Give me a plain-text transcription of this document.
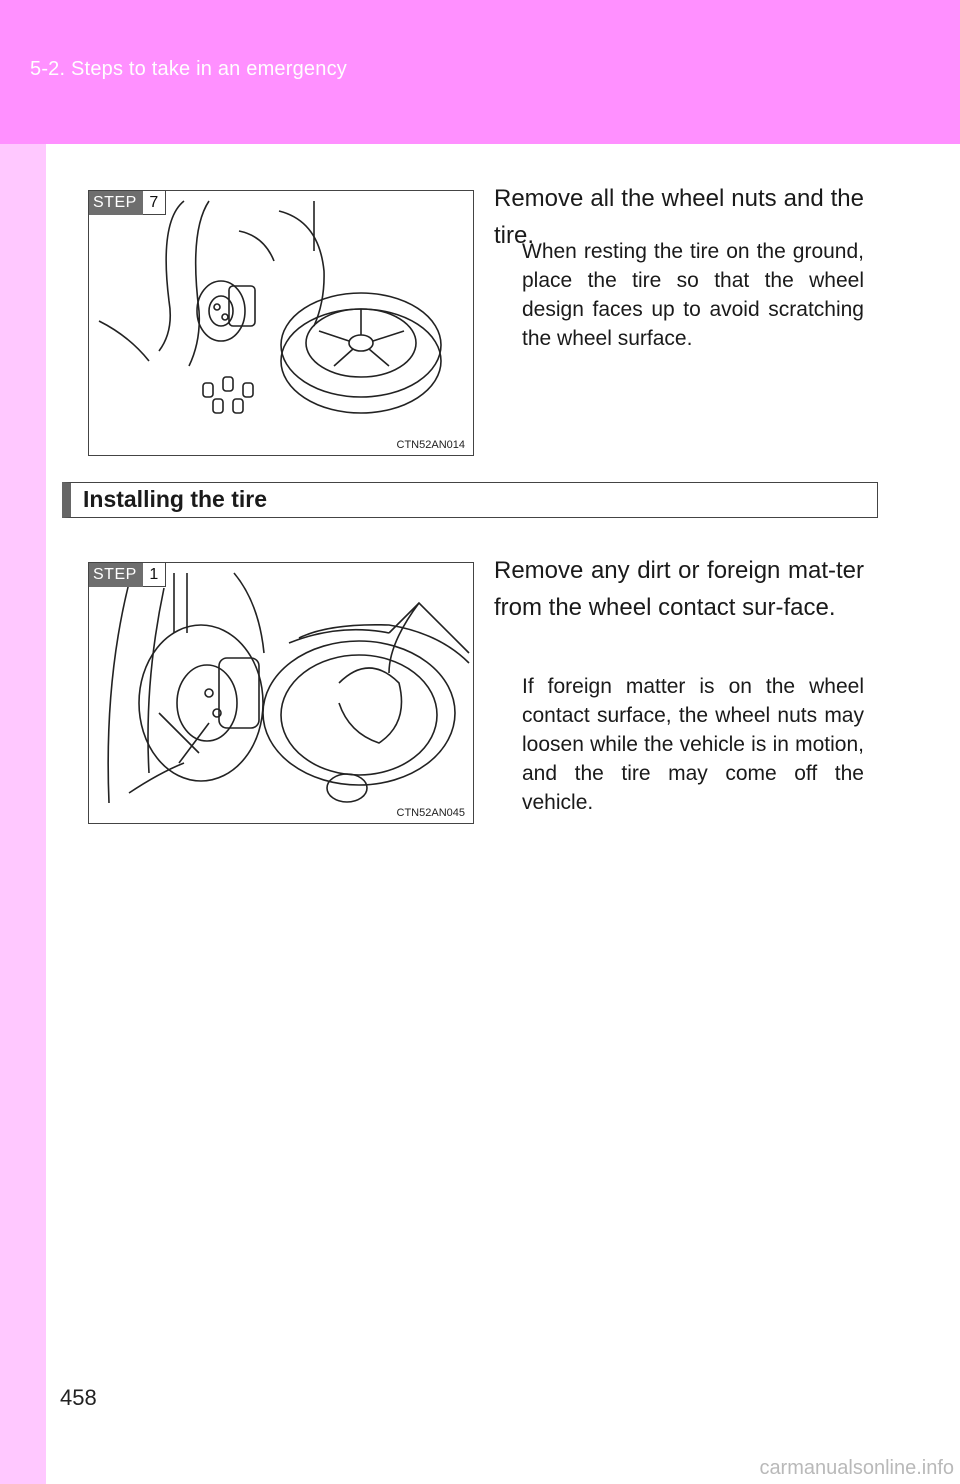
5-2. Steps to take in an emergency
STEP 7
CTN52AN014
Remove all the wheel nuts and the tire.
When resting the tire on the ground, place the tire so that the wheel design faces up to avoid scratching the wheel surface.
Installing the tire
STEP 1
CTN52AN045
Remove any dirt or foreign mat-ter from the wheel contact sur-face.
If foreign matter is on the wheel contact surface, the wheel nuts may loosen while the vehicle is in motion, and the tire may come off the vehicle.
458
carmanualsonline.info
